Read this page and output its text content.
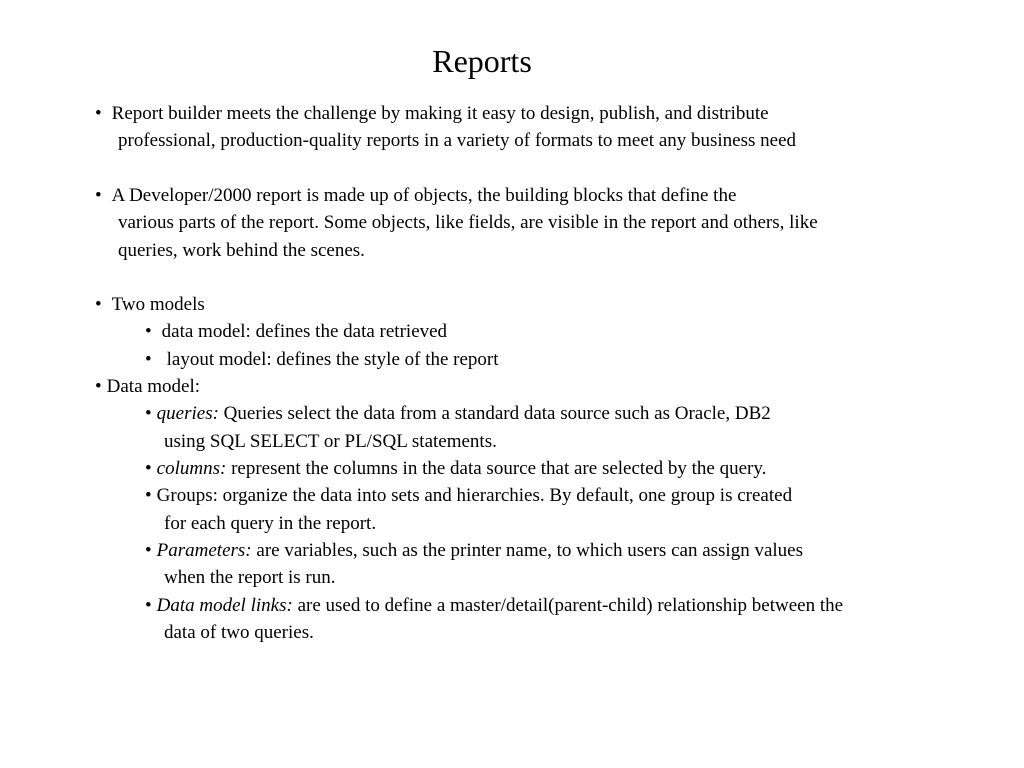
Reports
• Report builder meets the challenge by making it easy to design, publish, and distribute
professional, production-quality reports in a variety of formats to meet any business need
• A Developer/2000 report is made up of objects, the building blocks that define the
various parts of the report. Some objects, like fields, are visible in the report and others, like
queries, work behind the scenes.
• Two models
• data model: defines the data retrieved
• layout model: defines the style of the report
• Data model:
• queries: Queries select the data from a standard data source such as Oracle, DB2
using SQL SELECT or PL/SQL statements.
• columns: represent the columns in the data source that are selected by the query.
• Groups: organize the data into sets and hierarchies. By default, one group is created
for each query in the report.
• Parameters: are variables, such as the printer name, to which users can assign values
when the report is run.
• Data model links: are used to define a master/detail(parent-child) relationship between the
data of two queries.
